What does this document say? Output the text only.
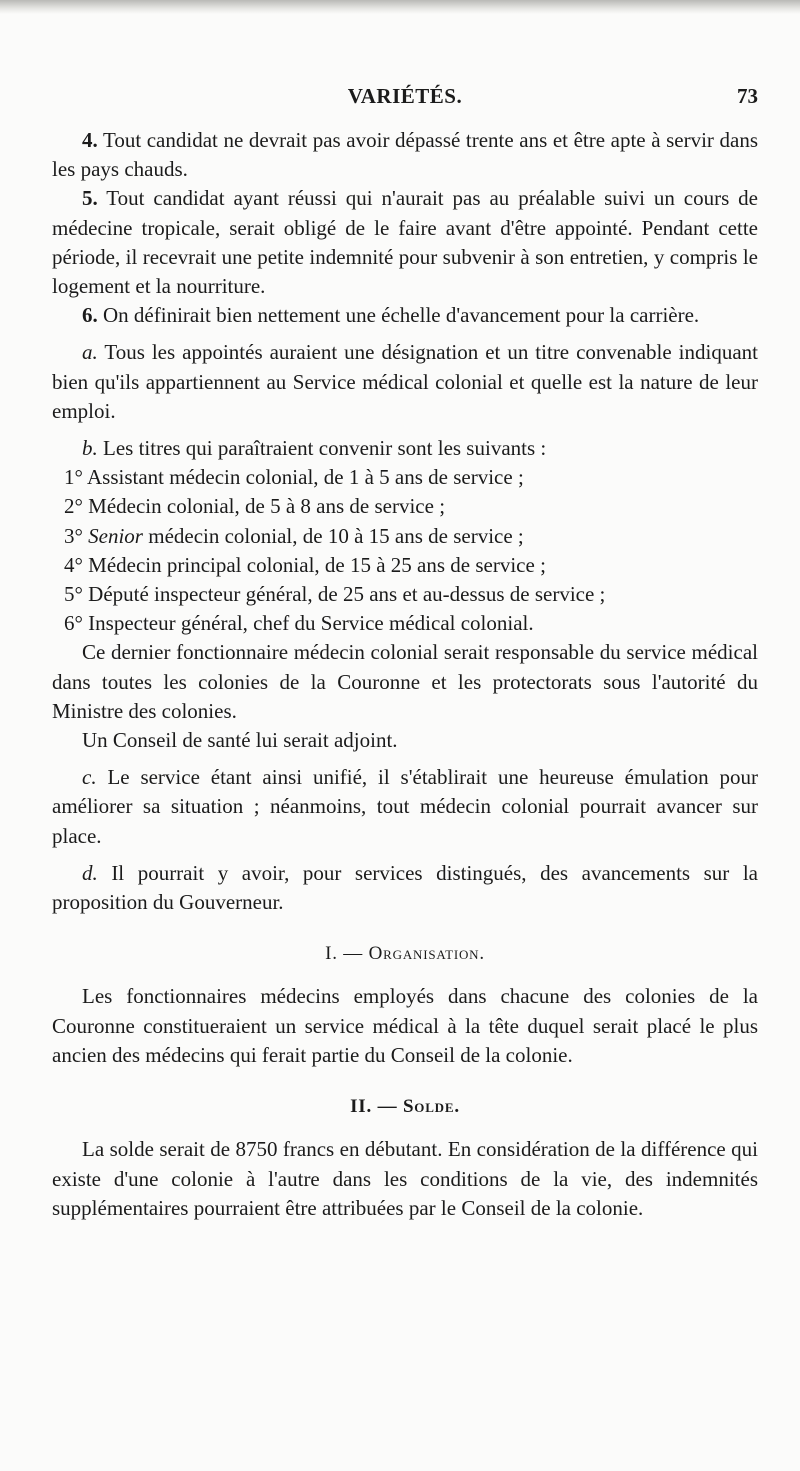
VARIÉTÉS.	73

4. Tout candidat ne devrait pas avoir dépassé trente ans et être apte à servir dans les pays chauds.

5. Tout candidat ayant réussi qui n'aurait pas au préalable suivi un cours de médecine tropicale, serait obligé de le faire avant d'être appointé. Pendant cette période, il recevrait une petite indemnité pour subvenir à son entretien, y compris le logement et la nourriture.

6. On définirait bien nettement une échelle d'avancement pour la carrière.

a. Tous les appointés auraient une désignation et un titre convenable indiquant bien qu'ils appartiennent au Service médical colonial et quelle est la nature de leur emploi.

b. Les titres qui paraîtraient convenir sont les suivants :

1° Assistant médecin colonial, de 1 à 5 ans de service ;

2° Médecin colonial, de 5 à 8 ans de service ;

3° Senior médecin colonial, de 10 à 15 ans de service ;

4° Médecin principal colonial, de 15 à 25 ans de service ;

5° Député inspecteur général, de 25 ans et au-dessus de service ;

6° Inspecteur général, chef du Service médical colonial.

Ce dernier fonctionnaire médecin colonial serait responsable du service médical dans toutes les colonies de la Couronne et les protectorats sous l'autorité du Ministre des colonies.

Un Conseil de santé lui serait adjoint.

c. Le service étant ainsi unifié, il s'établirait une heureuse émulation pour améliorer sa situation ; néanmoins, tout médecin colonial pourrait avancer sur place.

d. Il pourrait y avoir, pour services distingués, des avancements sur la proposition du Gouverneur.

I. — Organisation.

Les fonctionnaires médecins employés dans chacune des colonies de la Couronne constitueraient un service médical à la tête duquel serait placé le plus ancien des médecins qui ferait partie du Conseil de la colonie.

II. — Solde.

La solde serait de 8750 francs en débutant. En considération de la différence qui existe d'une colonie à l'autre dans les conditions de la vie, des indemnités supplémentaires pourraient être attribuées par le Conseil de la colonie.
